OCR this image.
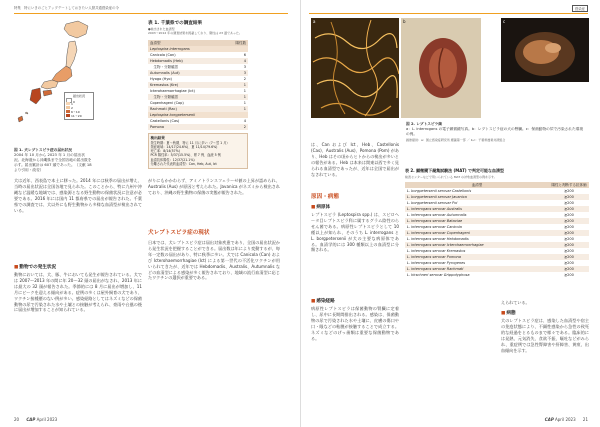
特集　特にいきのごとアップデートしておきたい人獣共通感染症の今
届出状況
0
1
2
6～10
11～20
図 1. 犬レプトスピラ症の届出状況
2004 年 10 月から 2023 年 1 月の届出状況。北海道から沖縄県まで全国各地の届出数を示す。届出累計は 607 頭であった。（文献 18 より引用・改変）
表 1. 千葉県での調査結果
●検出された血清型
2003～2012 年の調査結果を掲載しており、陽性は 23 頭であった。
血清型	陽性数
Leptospira interrogans	
Canicola (Can)	6
Hebdomadis (Heb)	4
　生物・分類確認	3
Autumnalis (Aut)	3
Hyogo (Hyo)	2
Kremastos (Kre)	1
Icterohaemorrhagiae (Ict)	1
　生物・分類確認	1
Copenhageni (Cop)	1
Rachmati (Rac)	1
Leptospira borgpetersenii	
Castellonis (Cas)	4
Pomona	2
検出結果
発生時期：夏～秋期、特に 11 月に多い（7～翌 1 月）
発症地域：14/17(24.6%)、夏 11/14(79.6%)
死亡率：8/14(57%)
PCR 陽性率：5/37(15.5%)、肾 7 例、血液 5 例
血清抗体陽性：12/37(21.1%)
分離された代表的血清型：Can, Heb, Aut, Ict
犬は近年、西表島で本土に移った。2014 年には秋季の届出が増え、当時の届出状況は全国各地で見られた。このことから、特に九州や沖縄など温暖な地域では、感染源となる野生動物の保菌状況に注意が必要である。2016 年には国内 11 都府県での届出が報告された。千葉県での調査では、犬以外にも野生動物から多様な血清型が検出されている。
■動物での発生状況
動物においては、犬、豚、牛においても発生が報告されている。犬では 2007～2013 年の間に年 20～32 頭の届出がなされ、2013 年には最大の 32 頭が報告された。季節的には 8 月に届出が増加し、11 月にピークを迎える傾向がある。症例の多くは屋外飼育の犬であり、ワクチン接種歴のない例が多い。感染経路としてはネズミなどの保菌動物の尿で汚染された水や土壌との接触が考えられ、豪雨や台風の後に届出が増加することが知られている。
がりにもかかわらず、アミノトランスフェラーゼ値の上昇が認められ、Australis (Aus) が原因と考えられた。Javanica がネズミから検出されており、沖縄の野生動物の保菌の実態が報告された。
犬レプトスピラ症の現状
日本では、犬レプトスピラ症は届出対象疾患であり、全国の届出状況から発生状況を把握することができる。届出数は年により変動するが、毎年一定数の届出があり、特に秋季に多い。犬では Canicola (Can) および Icterohaemorrhagiae (Ict) による第一世代の不活化ワクチンが用いられてきたが、近年では Hebdomadis、Australis、Autumnalis などの血清型による感染が多く報告されており、地域の流行血清型に応じたワクチンの選択が重要である。
20 CAP April 2023
感染症
a	b	c
図 2. レプトスピラ菌
a：L. interrogans の電子顕微鏡写真。b：レプトスピラ症の犬の腎臓。c：保菌動物の尿で汚染された環境の例。
画像提供：a：国立感染症研究所 細菌第一部 ／ b,c：千葉県農業共済組合
は、Can および Ict、Heb、Castellonis (Cas)、Australis (Aus)、Pomona (Pom) があり、Heb はその頃からヒトからの検出が多いとの報告がある。Heb は本来は関東以西で多く見られる血清型であったが、近年は全国で届出がなされている。
原因・病態
■病原体
レプトスピラ (Leptospira spp.) は、スピロヘータ目レプトスピラ科に属するグラム陰性のらせん菌である。病原性レプトスピラとして 10 種以上が知られ、そのうち L. interrogans と L. borgpetersenii が犬の主要な病原体である。血清学的には 300 種類以上の血清型に分類される。
■感染経路
病原性レプトスピラは保菌動物の腎臓に定着し、尿中に長期間排出される。感染は、保菌動物の尿で汚染された水や土壌に、皮膚の傷口や口・眼などの粘膜が接触することで成立する。ネズミなどのげっ歯類は重要な保菌動物である。
表 2. 顕微鏡下凝集試験法 (MAT) で判定可能な血清型
検査センターなどで用いられている MAT の対象血清型の例を示す。
血清型	陽性と判断する抗体価
L. borgpetersenii serovar Castellonis	≧200
L. borgpetersenii serovar Javanica	≧200
L. borgpetersenii serovar Poi	≧200
L. interrogans serovar Australis	≧200
L. interrogans serovar Autumnalis	≧200
L. interrogans serovar Bataviae	≧200
L. interrogans serovar Canicola	≧200
L. interrogans serovar Copenhageni	≧200
L. interrogans serovar Hebdomadis	≧200
L. interrogans serovar Icterohaemorrhagiae	≧200
L. interrogans serovar Kremastos	≧200
L. interrogans serovar Pomona	≧200
L. interrogans serovar Pyrogenes	≧200
L. interrogans serovar Rachmati	≧200
L. kirschneri serovar Grippotyphosa	≧200
えられている。
■病態
犬のレプトスピラ症は、感染した血清型や宿主の免疫状態により、不顕性感染から急性の致死的な経過をとるものまで様々である。臨床的には発熱、元気消失、食欲不振、嘔吐などがみられ、重症例では急性腎障害や肝障害、黄疸、出血傾向を示す。
CAP April 2023 21
